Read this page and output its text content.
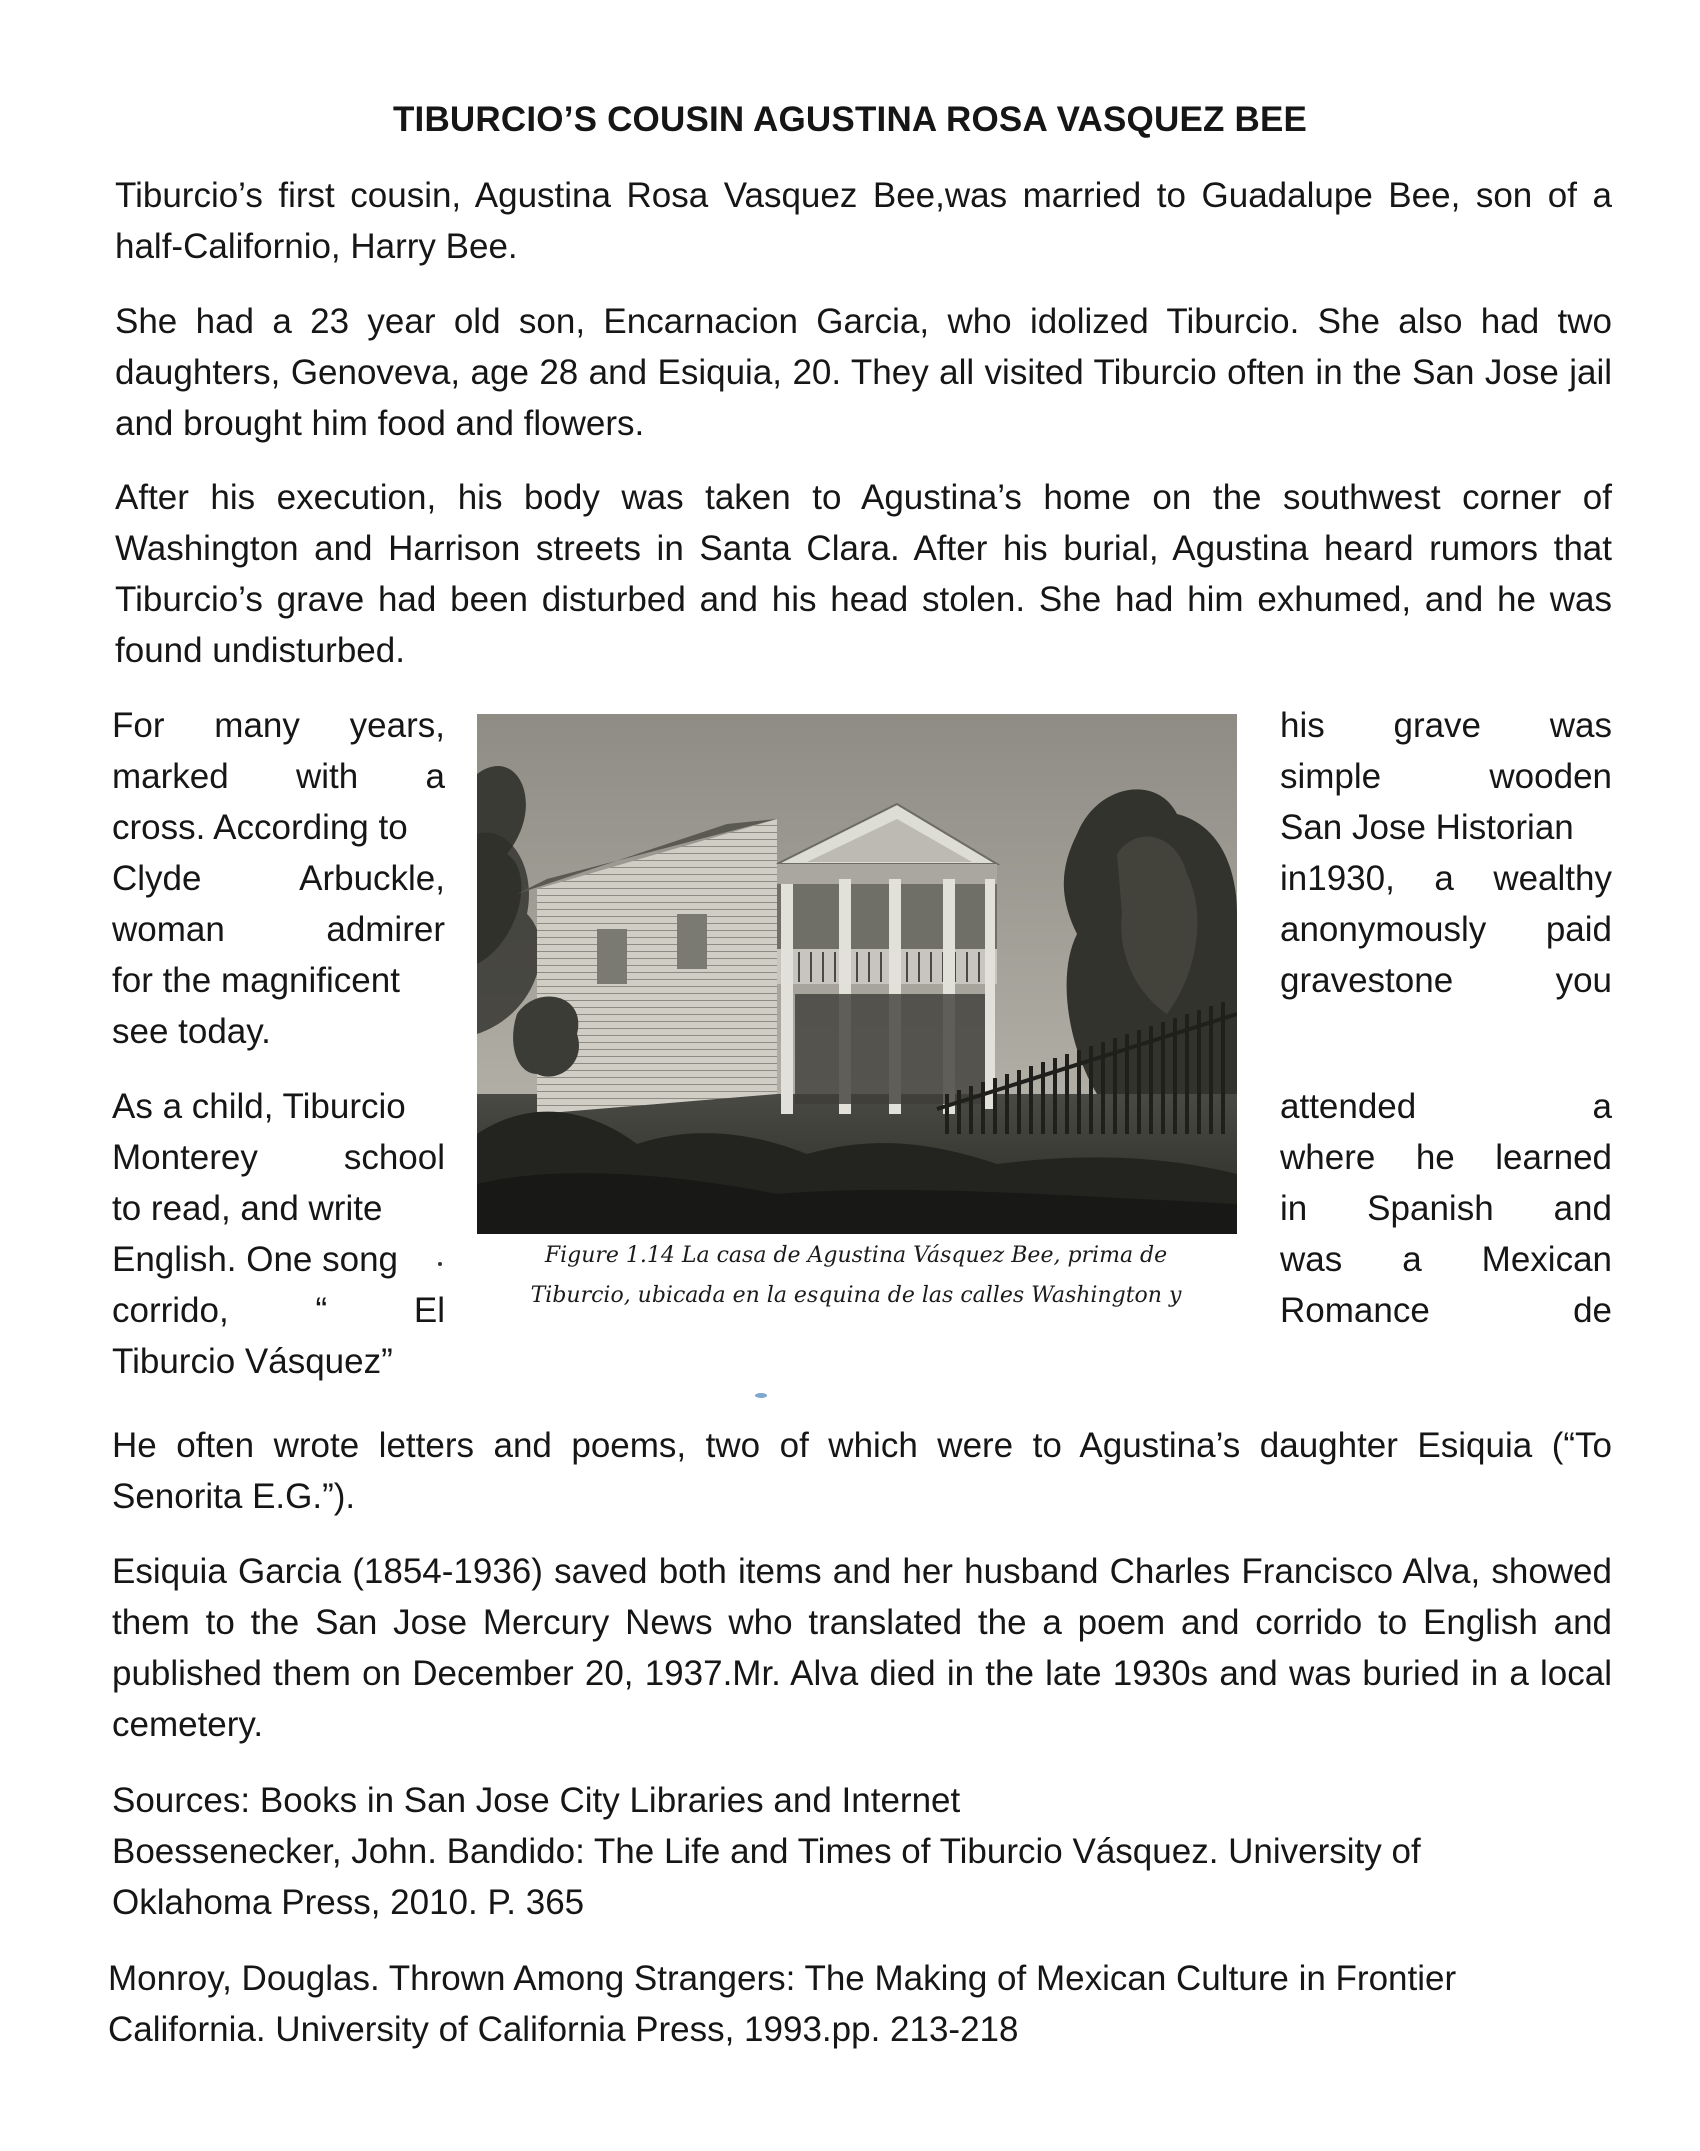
TIBURCIO’S COUSIN AGUSTINA ROSA VASQUEZ BEE

Tiburcio’s first cousin, Agustina Rosa Vasquez Bee,was married to Guadalupe Bee, son of a half-Californio, Harry Bee.

She had a 23 year old son, Encarnacion Garcia, who idolized Tiburcio. She also had two daughters, Genoveva, age 28 and Esiquia, 20. They all visited Tiburcio often in the San Jose jail and brought him food and flowers.

After his execution, his body was taken to Agustina’s home on the southwest corner of Washington and Harrison streets in Santa Clara. After his burial, Agustina heard rumors that Tiburcio’s grave had been disturbed and his head stolen. She had him exhumed, and he was found undisturbed.

For many years,
marked with a
cross. According to
Clyde Arbuckle,
woman admirer
for the magnificent
see today.
his grave was
simple wooden
San Jose Historian
in1930, a wealthy
anonymously paid
gravestone you
As a child, Tiburcio
Monterey school
to read, and write
English. One song
corrido, “ El
Tiburcio Vásquez”
attended a
where he learned
in Spanish and
was a Mexican
Romance de
Figure 1.14 La casa de Agustina Vásquez Bee, prima de
Tiburcio, ubicada en la esquina de las calles Washington y

He often wrote letters and poems, two of which were to Agustina’s daughter Esiquia (“To Senorita E.G.”).

Esiquia Garcia (1854-1936) saved both items and her husband Charles Francisco Alva, showed them to the San Jose Mercury News who translated the a poem and corrido to English and published them on December 20, 1937.Mr. Alva died in the late 1930s and was buried in a local cemetery.

Sources: Books in San Jose City Libraries and Internet

Boessenecker, John. Bandido: The Life and Times of Tiburcio Vásquez. University of Oklahoma Press, 2010. P. 365

Monroy, Douglas. Thrown Among Strangers: The Making of Mexican Culture in Frontier California. University of California Press, 1993.pp. 213-218
